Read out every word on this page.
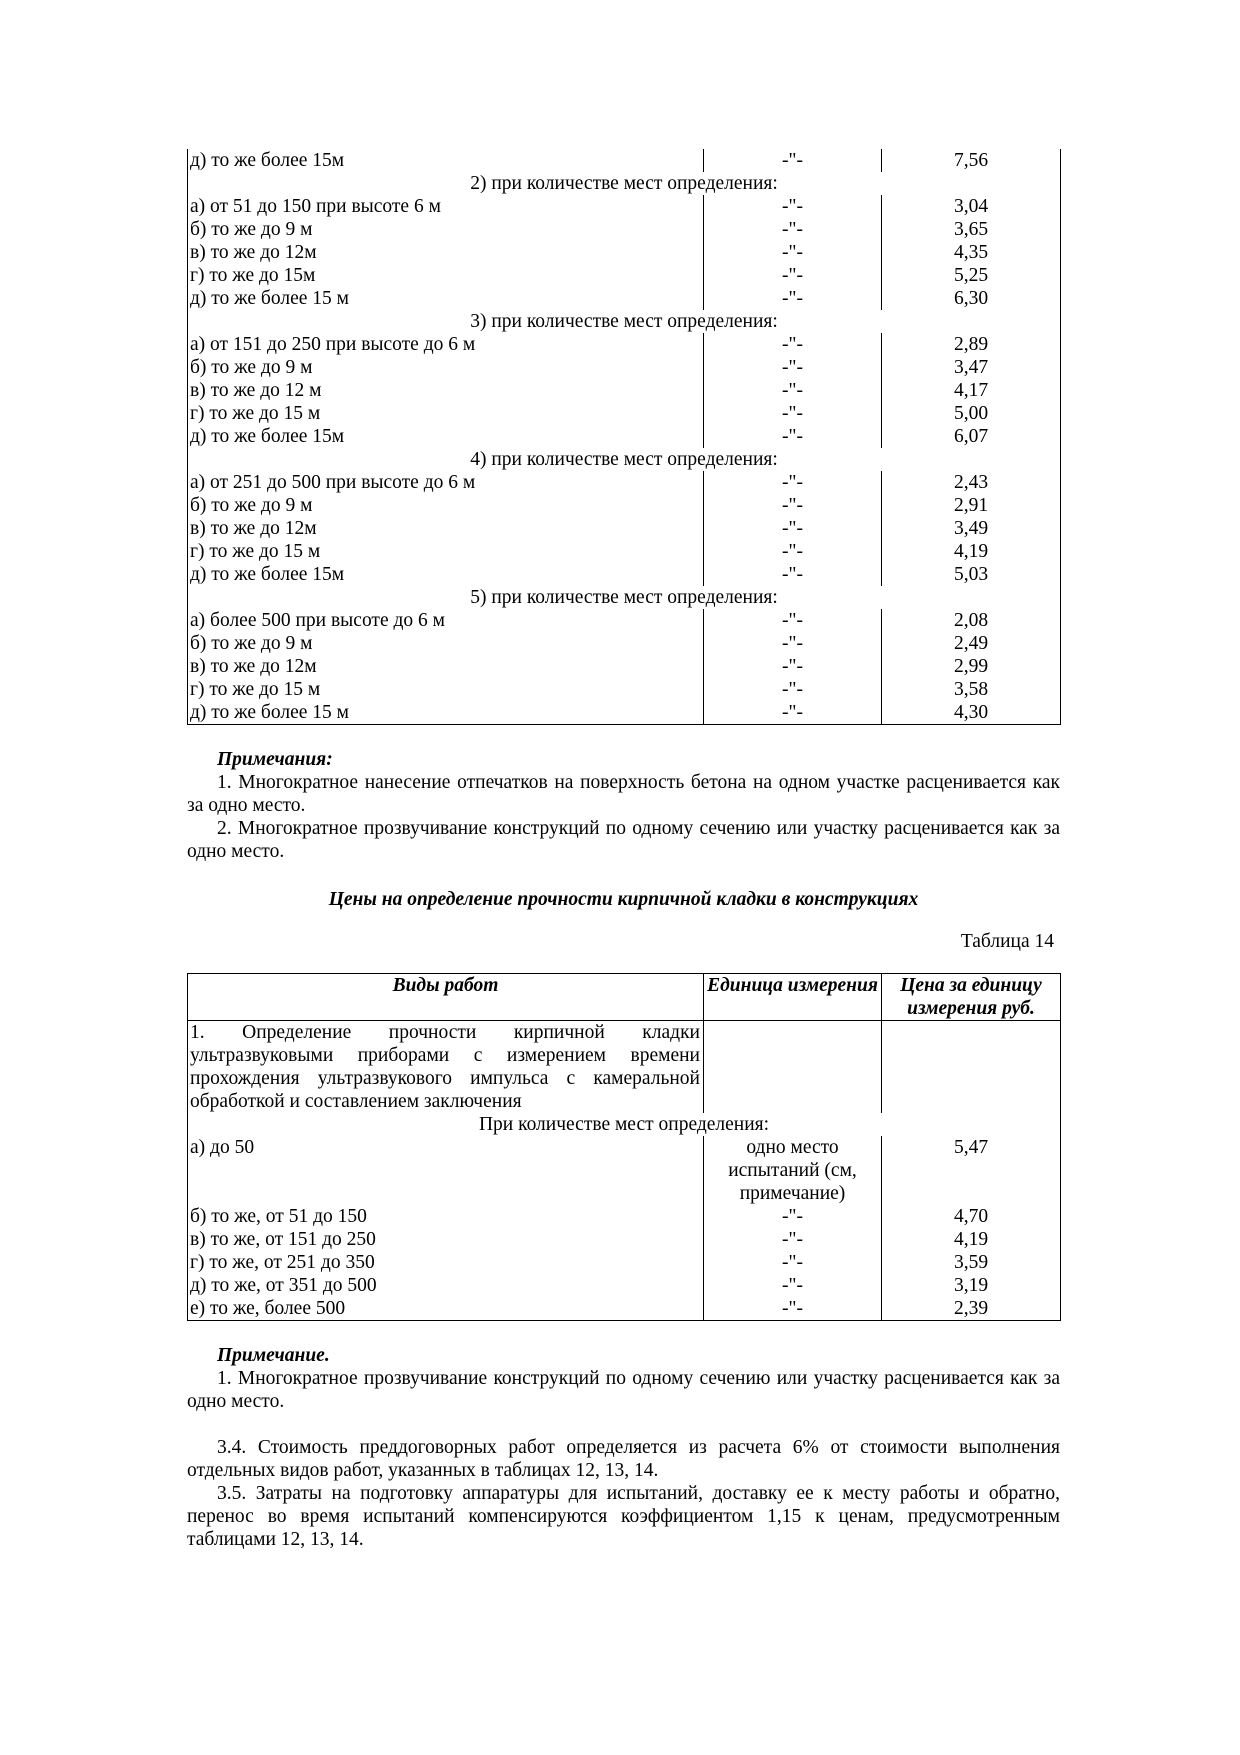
д) то же более 15м	-"-	7,56
2) при количестве мест определения:		
а) от 51 до 150 при высоте 6 м	-"-	3,04
б) то же до 9 м	-"-	3,65
в) то же до 12м	-"-	4,35
г) то же до 15м	-"-	5,25
д) то же более 15 м	-"-	6,30
3) при количестве мест определения:		
а) от 151 до 250 при высоте до 6 м	-"-	2,89
б) то же до 9 м	-"-	3,47
в) то же до 12 м	-"-	4,17
г) то же до 15 м	-"-	5,00
д) то же более 15м	-"-	6,07
4) при количестве мест определения:		
а) от 251 до 500 при высоте до 6 м	-"-	2,43
б) то же до 9 м	-"-	2,91
в) то же до 12м	-"-	3,49
г) то же до 15 м	-"-	4,19
д) то же более 15м	-"-	5,03
5) при количестве мест определения:		
а) более 500 при высоте до 6 м	-"-	2,08
б) то же до 9 м	-"-	2,49
в) то же до 12м	-"-	2,99
г) то же до 15 м	-"-	3,58
д) то же более 15 м	-"-	4,30
Примечания:

1. Многократное нанесение отпечатков на поверхность бетона на одном участке расценивается как за одно место.

2. Многократное прозвучивание конструкций по одному сечению или участку расценивается как за одно место.

Цены на определение прочности кирпичной кладки в конструкциях
Таблица 14
Виды работ	Единица измерения	Цена за единицу измерения руб.
1. Определение прочности кирпичной кладки ультразвуковыми приборами с измерением времени прохождения ультразвукового импульса с камеральной обработкой и составлением заключения		
При количестве мест определения:		
а) до 50	одно место испытаний (см, примечание)	5,47
б) то же, от 51 до 150	-"-	4,70
в) то же, от 151 до 250	-"-	4,19
г) то же, от 251 до 350	-"-	3,59
д) то же, от 351 до 500	-"-	3,19
е) то же, более 500	-"-	2,39
Примечание.

1. Многократное прозвучивание конструкций по одному сечению или участку расценивается как за одно место.

3.4. Стоимость преддоговорных работ определяется из расчета 6% от стоимости выполнения отдельных видов работ, указанных в таблицах 12, 13, 14.

3.5. Затраты на подготовку аппаратуры для испытаний, доставку ее к месту работы и обратно, перенос во время испытаний компенсируются коэффициентом 1,15 к ценам, предусмотренным таблицами 12, 13, 14.
